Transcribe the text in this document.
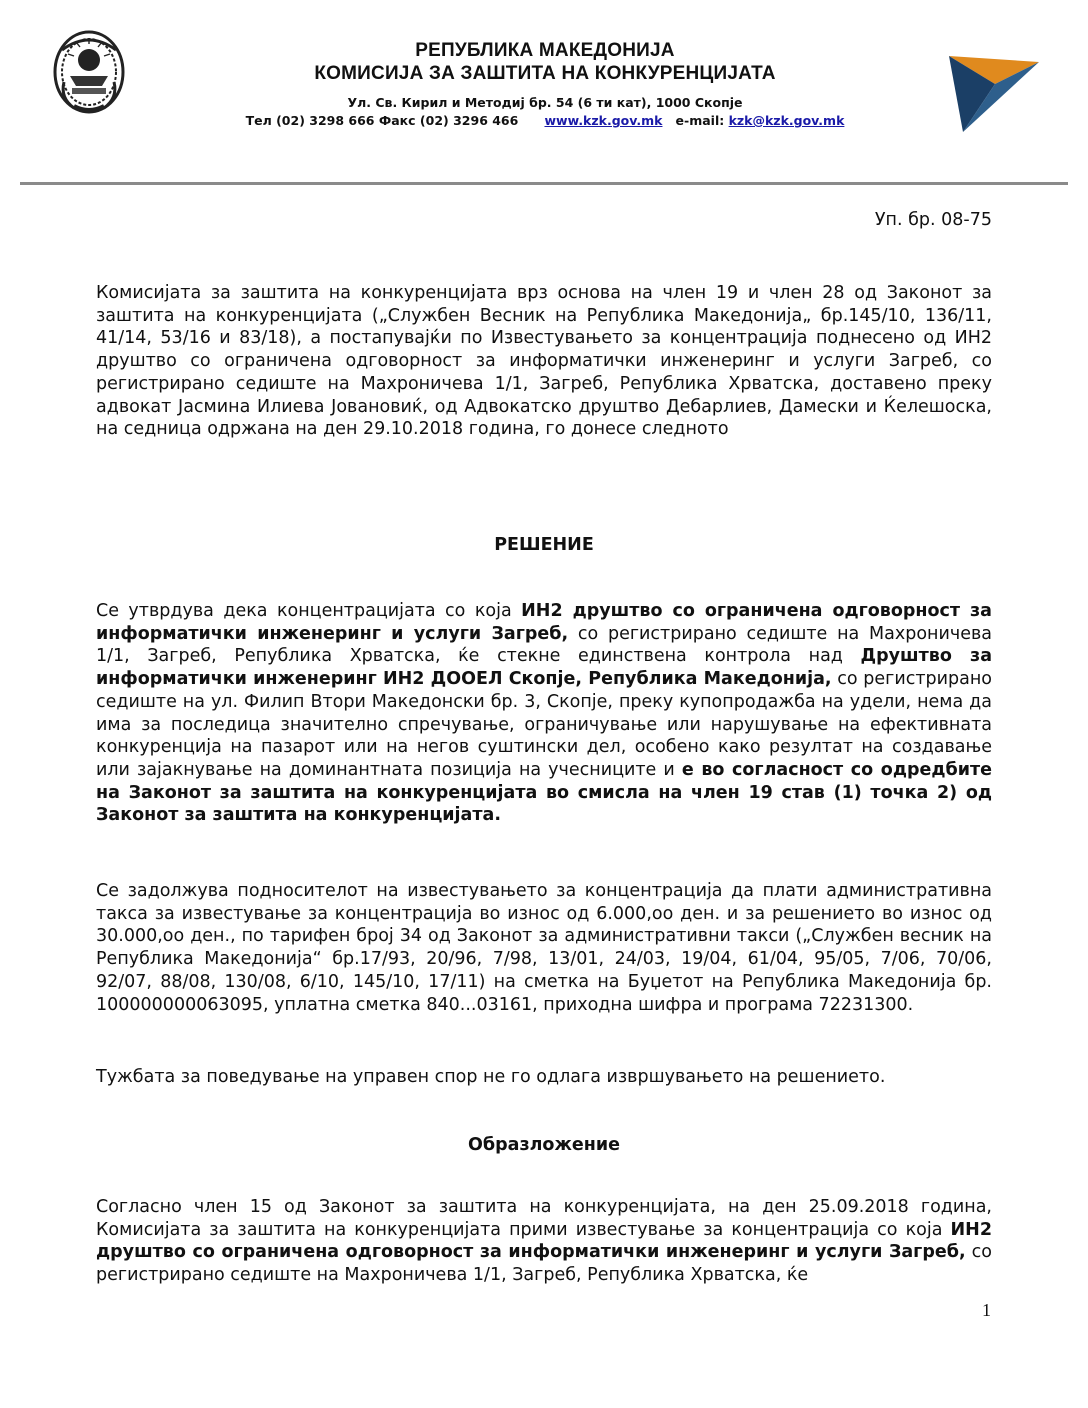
РЕПУБЛИКА МАКЕДОНИЈА
КОМИСИЈА ЗА ЗАШТИТА НА КОНКУРЕНЦИЈАТА
Ул. Св. Кирил и Методиј бр. 54 (6 ти кат), 1000 Скопје
Тел (02) 3298 666 Факс (02) 3296 466 www.kzk.gov.mk e-mail: kzk@kzk.gov.mk
Уп. бр. 08-75
Комисијата за заштита на конкуренцијата врз основа на член 19 и член 28 од Законот за заштита на конкуренцијата („Службен Весник на Република Македонија„ бр.145/10, 136/11, 41/14, 53/16 и 83/18), а постапувајќи по Известувањето за концентрација поднесено од ИН2 друштво со ограничена одговорност за информатички инженеринг и услуги Загреб, со регистрирано седиште на Махроничева 1/1, Загреб, Република Хрватска, доставено преку адвокат Јасмина Илиева Јовановиќ, од Адвокатско друштво Дебарлиев, Дамески и Ќелешоска, на седница одржана на ден 29.10.2018 година, го донесе следното
РЕШЕНИЕ
Се утврдува дека концентрацијата со која ИН2 друштво со ограничена одговорност за информатички инженеринг и услуги Загреб, со регистрирано седиште на Махроничева 1/1, Загреб, Република Хрватска, ќе стекне единствена контрола над Друштво за информатички инженеринг ИН2 ДООЕЛ Скопје, Република Македонија, со регистрирано седиште на ул. Филип Втори Македонски бр. 3, Скопје, преку купопродажба на удели, нема да има за последица значително спречување, ограничување или нарушување на ефективната конкуренција на пазарот или на негов суштински дел, особено како резултат на создавање или зајакнување на доминантната позиција на учесниците и е во согласност со одредбите на Законот за заштита на конкуренцијата во смисла на член 19 став (1) точка 2) од Законот за заштита на конкуренцијата.
Се задолжува подносителот на известувањето за концентрација да плати административна такса за известување за концентрација во износ од 6.000,оо ден. и за решението во износ од 30.000,оо ден., по тарифен број 34 од Законот за административни такси („Службен весник на Република Македонија“ бр.17/93, 20/96, 7/98, 13/01, 24/03, 19/04, 61/04, 95/05, 7/06, 70/06, 92/07, 88/08, 130/08, 6/10, 145/10, 17/11) на сметка на Буџетот на Република Македонија бр. 100000000063095, уплатна сметка 840...03161, приходна шифра и програма 72231300.
Тужбата за поведување на управен спор не го одлага извршувањето на решението.
Образложение
Согласно член 15 од Законот за заштита на конкуренцијата, на ден 25.09.2018 година, Комисијата за заштита на конкуренцијата прими известување за концентрација со која ИН2 друштво со ограничена одговорност за информатички инженеринг и услуги Загреб, со регистрирано седиште на Махроничева 1/1, Загреб, Република Хрватска, ќе
1
